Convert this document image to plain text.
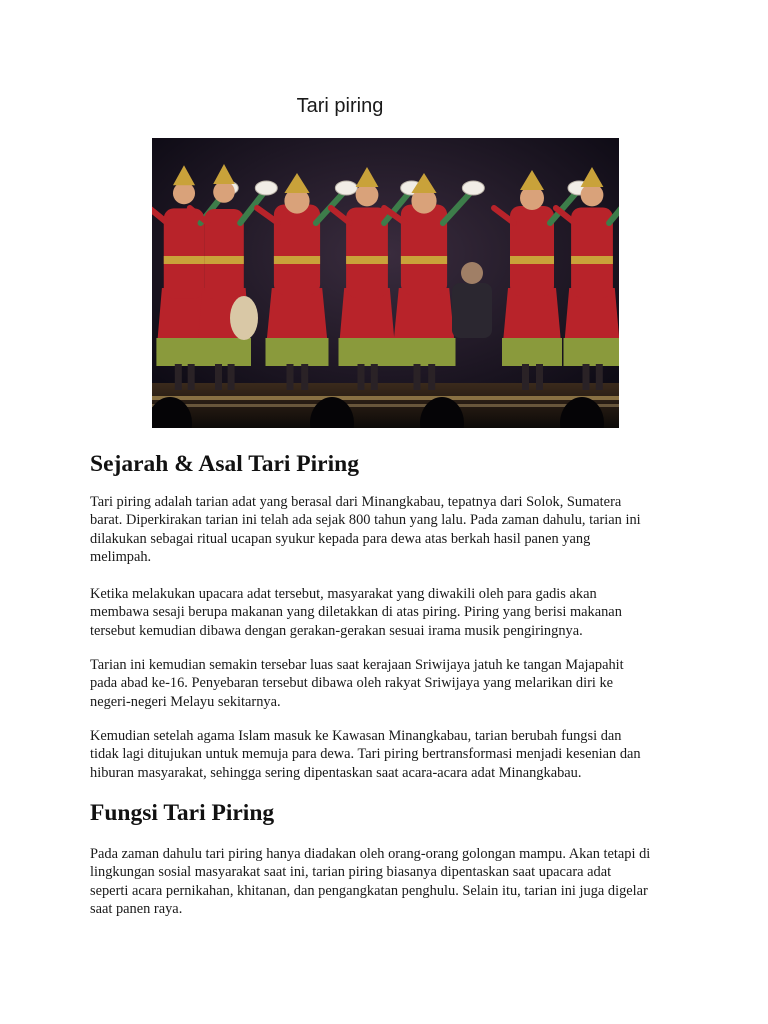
Tari piring
Sejarah & Asal Tari Piring

Tari piring adalah tarian adat yang berasal dari Minangkabau, tepatnya dari Solok, Sumatera
barat. Diperkirakan tarian ini telah ada sejak 800 tahun yang lalu. Pada zaman dahulu, tarian ini
dilakukan sebagai ritual ucapan syukur kepada para dewa atas berkah hasil panen yang
melimpah.

Ketika melakukan upacara adat tersebut, masyarakat yang diwakili oleh para gadis akan
membawa sesaji berupa makanan yang diletakkan di atas piring. Piring yang berisi makanan
tersebut kemudian dibawa dengan gerakan-gerakan sesuai irama musik pengiringnya.

Tarian ini kemudian semakin tersebar luas saat kerajaan Sriwijaya jatuh ke tangan Majapahit
pada abad ke-16. Penyebaran tersebut dibawa oleh rakyat Sriwijaya yang melarikan diri ke
negeri-negeri Melayu sekitarnya.

Kemudian setelah agama Islam masuk ke Kawasan Minangkabau, tarian berubah fungsi dan
tidak lagi ditujukan untuk memuja para dewa. Tari piring bertransformasi menjadi kesenian dan
hiburan masyarakat, sehingga sering dipentaskan saat acara-acara adat Minangkabau.

Fungsi Tari Piring

Pada zaman dahulu tari piring hanya diadakan oleh orang-orang golongan mampu. Akan tetapi di
lingkungan sosial masyarakat saat ini, tarian piring biasanya dipentaskan saat upacara adat
seperti acara pernikahan, khitanan, dan pengangkatan penghulu. Selain itu, tarian ini juga digelar
saat panen raya.
